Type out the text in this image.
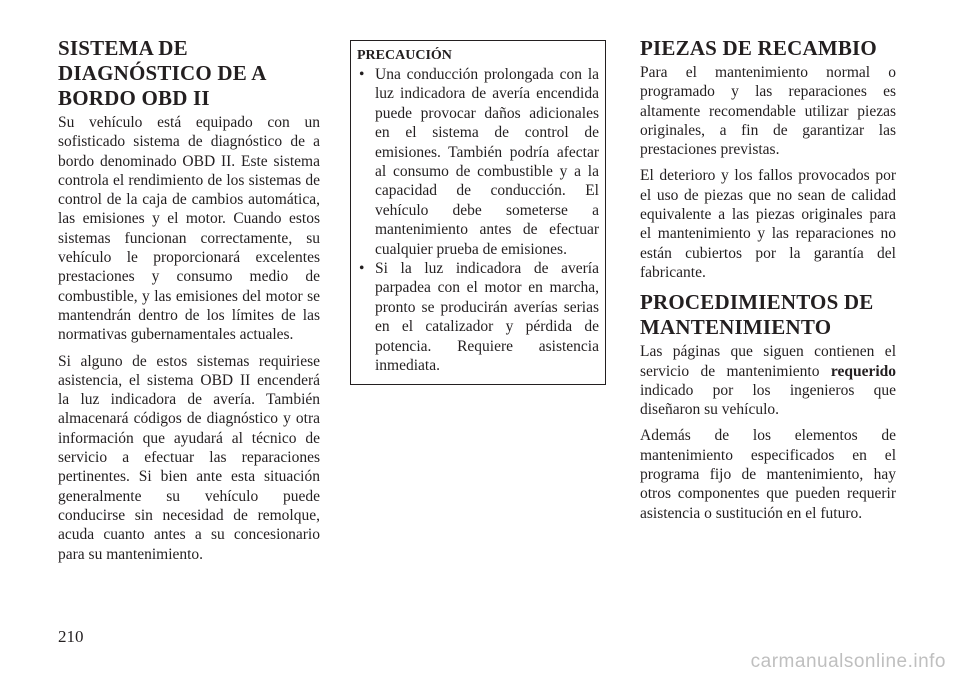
SISTEMA DE DIAGNÓSTICO DE A BORDO OBD II

Su vehículo está equipado con un sofisticado sistema de diagnóstico de a bordo denominado OBD II. Este sistema controla el rendimiento de los sistemas de control de la caja de cambios automática, las emisiones y el motor. Cuando estos sistemas funcionan correctamente, su vehículo le proporcionará excelentes prestaciones y consumo medio de combustible, y las emisiones del motor se mantendrán dentro de los límites de las normativas gubernamentales actuales.

Si alguno de estos sistemas requiriese asistencia, el sistema OBD II encenderá la luz indicadora de avería. También almacenará códigos de diagnóstico y otra información que ayudará al técnico de servicio a efectuar las reparaciones pertinentes. Si bien ante esta situación generalmente su vehículo puede conducirse sin necesidad de remolque, acuda cuanto antes a su concesionario para su mantenimiento.

PRECAUCIÓN
• Una conducción prolongada con la luz indicadora de avería encendida puede provocar daños adicionales en el sistema de control de emisiones. También podría afectar al consumo de combustible y a la capacidad de conducción. El vehículo debe someterse a mantenimiento antes de efectuar cualquier prueba de emisiones.
• Si la luz indicadora de avería parpadea con el motor en marcha, pronto se producirán averías serias en el catalizador y pérdida de potencia. Requiere asistencia inmediata.
PIEZAS DE RECAMBIO

Para el mantenimiento normal o programado y las reparaciones es altamente recomendable utilizar piezas originales, a fin de garantizar las prestaciones previstas.

El deterioro y los fallos provocados por el uso de piezas que no sean de calidad equivalente a las piezas originales para el mantenimiento y las reparaciones no están cubiertos por la garantía del fabricante.

PROCEDIMIENTOS DE MANTENIMIENTO

Las páginas que siguen contienen el servicio de mantenimiento requerido indicado por los ingenieros que diseñaron su vehículo.

Además de los elementos de mantenimiento especificados en el programa fijo de mantenimiento, hay otros componentes que pueden requerir asistencia o sustitución en el futuro.

210
carmanualsonline.info
